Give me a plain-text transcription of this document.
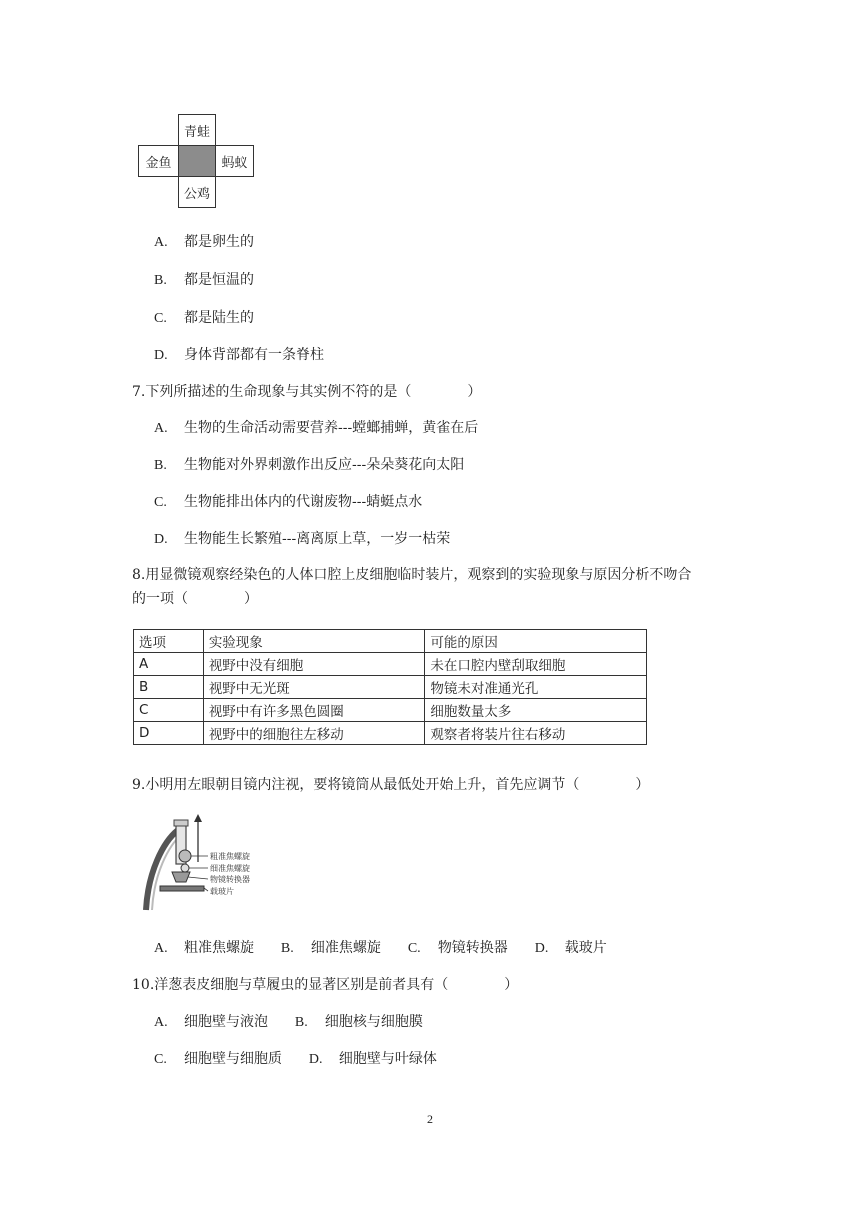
青蛙
金鱼	蚂蚁
公鸡
A. 都是卵生的
B. 都是恒温的
C. 都是陆生的
D. 身体背部都有一条脊柱
7.下列所描述的生命现象与其实例不符的是（　　　　）
A. 生物的生命活动需要营养---螳螂捕蝉，黄雀在后
B. 生物能对外界刺激作出反应---朵朵葵花向太阳
C. 生物能排出体内的代谢废物---蜻蜓点水
D. 生物能生长繁殖---离离原上草，一岁一枯荣
8.用显微镜观察经染色的人体口腔上皮细胞临时装片，观察到的实验现象与原因分析不吻合
的一项（　　　　）
选项	实验现象	可能的原因
A	视野中没有细胞	未在口腔内壁刮取细胞
B	视野中无光斑	物镜未对准通光孔
C	视野中有许多黑色圆圈	细胞数量太多
D	视野中的细胞往左移动	观察者将装片往右移动
9.小明用左眼朝目镜内注视，要将镜筒从最低处开始上升，首先应调节（　　　　）
粗准焦螺旋
细准焦螺旋
物镜转换器
载玻片
A. 粗准焦螺旋 B. 细准焦螺旋 C. 物镜转换器 D. 载玻片
10.洋葱表皮细胞与草履虫的显著区别是前者具有（　　　　）
A. 细胞壁与液泡 B. 细胞核与细胞膜
C. 细胞壁与细胞质 D. 细胞壁与叶绿体
2
